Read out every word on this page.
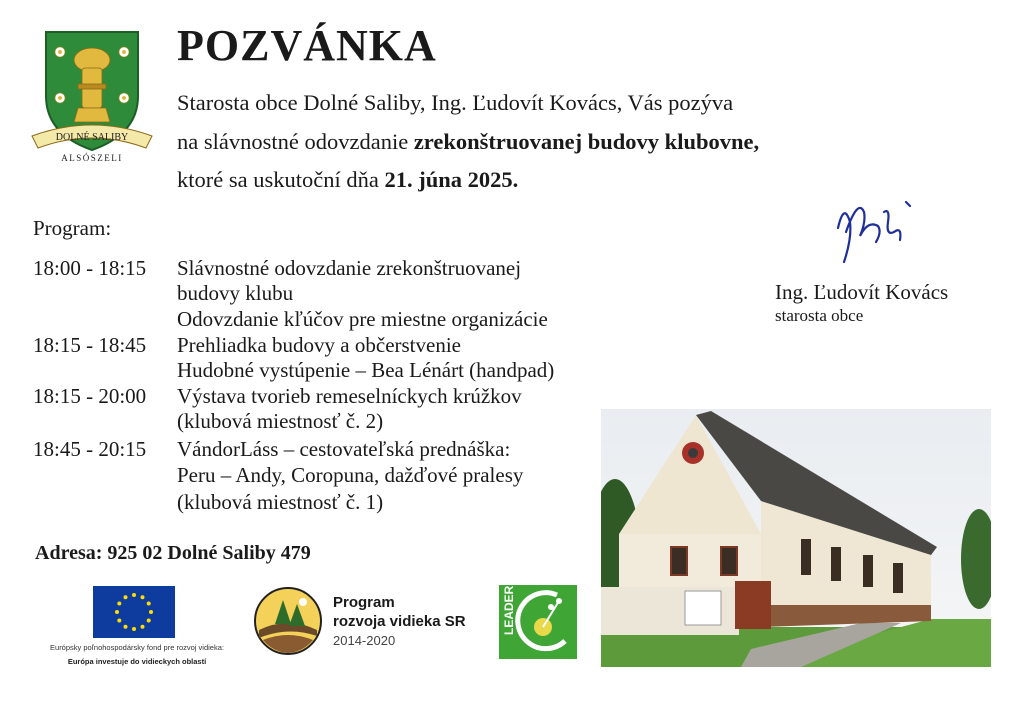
DOLNÉ SALIBY
ALSÓSZELI
POZVÁNKA
Starosta obce Dolné Saliby, Ing. Ľudovít Kovács, Vás pozýva
na slávnostné odovzdanie zrekonštruovanej budovy klubovne,
ktoré sa uskutoční dňa 21. júna 2025.
Program:
18:00 - 18:15 Slávnostné odovzdanie zrekonštruovanej
budovy klubu
Odovzdanie kľúčov pre miestne organizácie
18:15 - 18:45 Prehliadka budovy a občerstvenie
Hudobné vystúpenie – Bea Lénárt (handpad)
18:15 - 20:00 Výstava tvorieb remeselníckych krúžkov
(klubová miestnosť č. 2)
18:45 - 20:15 VándorLáss – cestovateľská prednáška:
Peru – Andy, Coropuna, dažďové pralesy
(klubová miestnosť č. 1)
Ing. Ľudovít Kovács
starosta obce
Adresa: 925 02 Dolné Saliby 479
Európsky poľnohospodársky fond pre rozvoj vidieka:
Európa investuje do vidieckych oblastí
Program
rozvoja vidieka SR
2014-2020
LEADER
